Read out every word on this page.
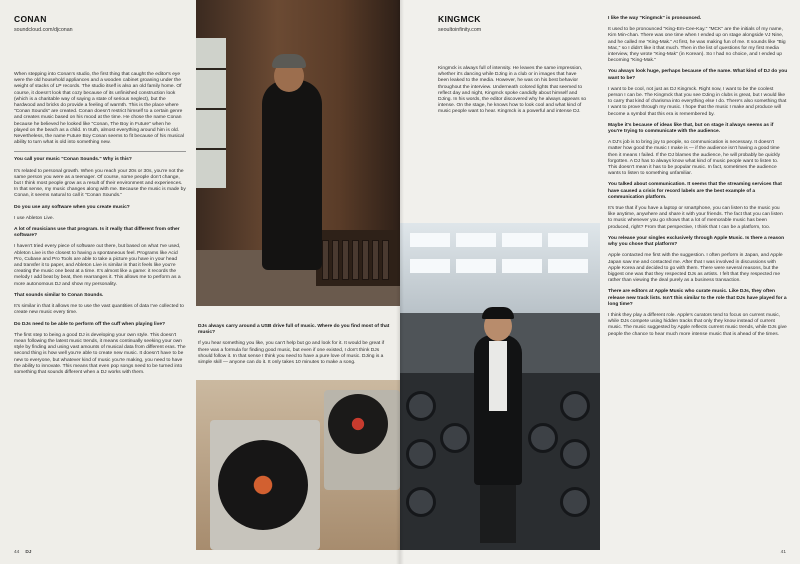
CONAN
soundcloud.com/djconan

When stepping into Conan's studio, the first thing that caught the editor's eye were the old household appliances and a wooden cabinet groaning under the weight of stacks of LP records. The studio itself is also an old family home. Of course, it doesn't look that cozy because of its unfinished construction look (which is a charitable way of saying a state of serious neglect), but the hardwood and bricks do provide a feeling of warmth. This is the place where "Conan Sounds" are created. Conan doesn't restrict himself to a certain genre and creates music based on his mood at the time. He chose the name Conan because he believed he looked like "Conan, The Boy in Future" when he played on the beach as a child. In truth, almost everything around him is old. Nevertheless, the name Future Boy Conan seems to fit because of his musical ability to turn what is old into something new.

You call your music "Conan Sounds." Why is this?

It's related to personal growth. When you reach your 20s or 30s, you're not the same person you were as a teenager. Of course, some people don't change, but I think most people grow as a result of their environment and experiences. In that sense, my music changes along with me. Because the music is made by Conan, it seems natural to call it "Conan Sounds."

Do you use any software when you create music?

I use Ableton Live.

A lot of musicians use that program. Is it really that different from other software?

I haven't tried every piece of software out there, but based on what I've used, Ableton Live is the closest to having a spontaneous feel. Programs like Acid Pro, Cubase and Pro Tools are able to take a picture you have in your head and transfer it to paper, and Ableton Live is similar in that it feels like you're creating the music one beat at a time. It's almost like a game: it records the melody I add beat by beat, then rearranges it. This allows me to perform as a more autonomous DJ and show my personality.

That sounds similar to Conan Sounds.

It's similar in that it allows me to use the vast quantities of data I've collected to create new music every time.

Do DJs need to be able to perform off the cuff when playing live?

The first step to being a good DJ is developing your own style. This doesn't mean following the latest music trends, it means continually seeking your own style by finding and using vast amounts of musical data from different eras. The second thing is how well you're able to create new music. It doesn't have to be new to everyone, but whatever kind of music you're making, you need to have the ability to innovate. This means that even pop songs need to be turned into something that sounds different when a DJ works with them.

DJs always carry around a USB drive full of music. Where do you find most of that music?

If you hear something you like, you can't help but go and look for it. It would be great if there was a formula for finding good music, but even if one existed, I don't think DJs should follow it. In that sense I think you need to have a pure love of music. DJing is a simple skill — anyone can do it. It only takes 10 minutes to make a song.

44 DJ
KINGMCK
seoultoinfinity.com

Kingmck is always full of intensity. He leaves the same impression, whether it's dancing while DJing in a club or in images that have been leaked to the media. However, he was on his best behavior throughout the interview. Underneath colored lights that seemed to reflect day and night, Kingmck spoke candidly about himself and DJing. In his words, the editor discovered why he always appears so intense. On the stage, he knows how to look cool and what kind of music people want to hear. Kingmck is a powerful and intense DJ.

I like the way "Kingmck" is pronounced.

It used to be pronounced "King-Em-Cee-Kay." "MCK" are the initials of my name, Kim Min-chan. There was one time when I ended up on stage alongside VJ Nine, and he called me "King-Mak." At first, he was making fun of me. It sounds like "Big Mac," so I didn't like it that much. Then in the list of questions for my first media interview, they wrote "King-Mak" (in Korean). So I had no choice, and I ended up becoming "King-Mak."

You always look huge, perhaps because of the name. What kind of DJ do you want to be?

I want to be cool, not just as DJ Kingmck. Right now, I want to be the coolest person I can be. The Kingmck that you see DJing in clubs is great, but I would like to carry that kind of charisma into everything else I do. There's also something that I want to prove through my music. I hope that the music I make and produce will become a symbol that this era is remembered by.

Maybe it's because of ideas like that, but on stage it always seems as if you're trying to communicate with the audience.

A DJ's job is to bring joy to people, so communication is necessary. It doesn't matter how good the music I make is — if the audience isn't having a good time then it means I failed. If the DJ blames the audience, he will probably be quickly forgotten. A DJ has to always know what kind of music people want to listen to. This doesn't mean it has to be popular music. In fact, sometimes the audience wants to listen to something unfamiliar.

You talked about communication. It seems that the streaming services that have caused a crisis for record labels are the best example of a communication platform.

It's true that if you have a laptop or smartphone, you can listen to the music you like anytime, anywhere and share it with your friends. The fact that you can listen to music whenever you go shows that a lot of memorable music has been produced, right? From that perspective, I think that I can be a platform, too.

You release your singles exclusively through Apple Music. Is there a reason why you chose that platform?

Apple contacted me first with the suggestion. I often perform in Japan, and Apple Japan saw me and contacted me. After that I was involved in discussions with Apple Korea and decided to go with them. There were several reasons, but the biggest one was that they respected DJs as artists. I felt that they respected me rather than viewing the deal purely as a business transaction.

There are editors at Apple Music who curate music. Like DJs, they often release new track lists. Isn't this similar to the role that DJs have played for a long time?

I think they play a different role. Apple's curators tend to focus on current music, while DJs compete using hidden tracks that only they know instead of current music. The music suggested by Apple reflects current music trends, while DJs give people the chance to hear much more intense music that is ahead of the times.

41
